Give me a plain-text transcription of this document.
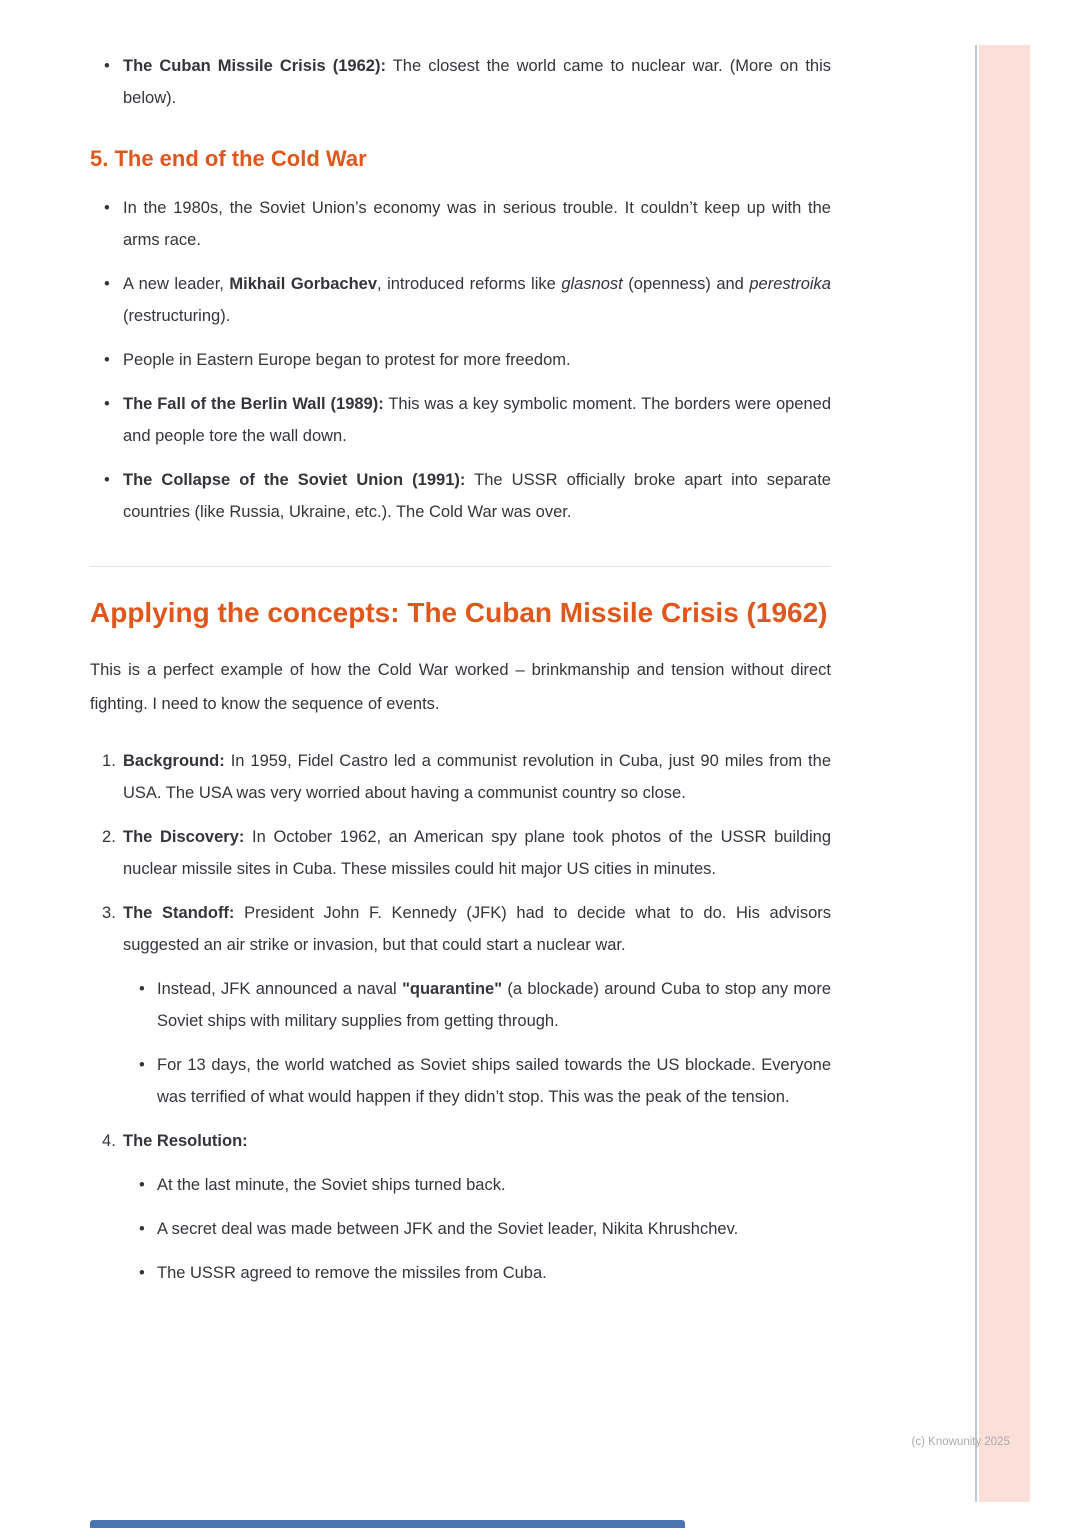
• The Cuban Missile Crisis (1962): The closest the world came to nuclear war. (More on this below).
5. The end of the Cold War
• In the 1980s, the Soviet Union’s economy was in serious trouble. It couldn’t keep up with the arms race.
• A new leader, Mikhail Gorbachev, introduced reforms like glasnost (openness) and perestroika (restructuring).
• People in Eastern Europe began to protest for more freedom.
• The Fall of the Berlin Wall (1989): This was a key symbolic moment. The borders were opened and people tore the wall down.
• The Collapse of the Soviet Union (1991): The USSR officially broke apart into separate countries (like Russia, Ukraine, etc.). The Cold War was over.
Applying the concepts: The Cuban Missile Crisis (1962)

This is a perfect example of how the Cold War worked – brinkmanship and tension without direct fighting. I need to know the sequence of events.

Background: In 1959, Fidel Castro led a communist revolution in Cuba, just 90 miles from the USA. The USA was very worried about having a communist country so close.
The Discovery: In October 1962, an American spy plane took photos of the USSR building nuclear missile sites in Cuba. These missiles could hit major US cities in minutes.
The Standoff: President John F. Kennedy (JFK) had to decide what to do. His advisors suggested an air strike or invasion, but that could start a nuclear war.
• Instead, JFK announced a naval "quarantine" (a blockade) around Cuba to stop any more Soviet ships with military supplies from getting through.
• For 13 days, the world watched as Soviet ships sailed towards the US blockade. Everyone was terrified of what would happen if they didn’t stop. This was the peak of the tension.
The Resolution:
• At the last minute, the Soviet ships turned back.
• A secret deal was made between JFK and the Soviet leader, Nikita Khrushchev.
• The USSR agreed to remove the missiles from Cuba.
(c) Knowunity 2025
